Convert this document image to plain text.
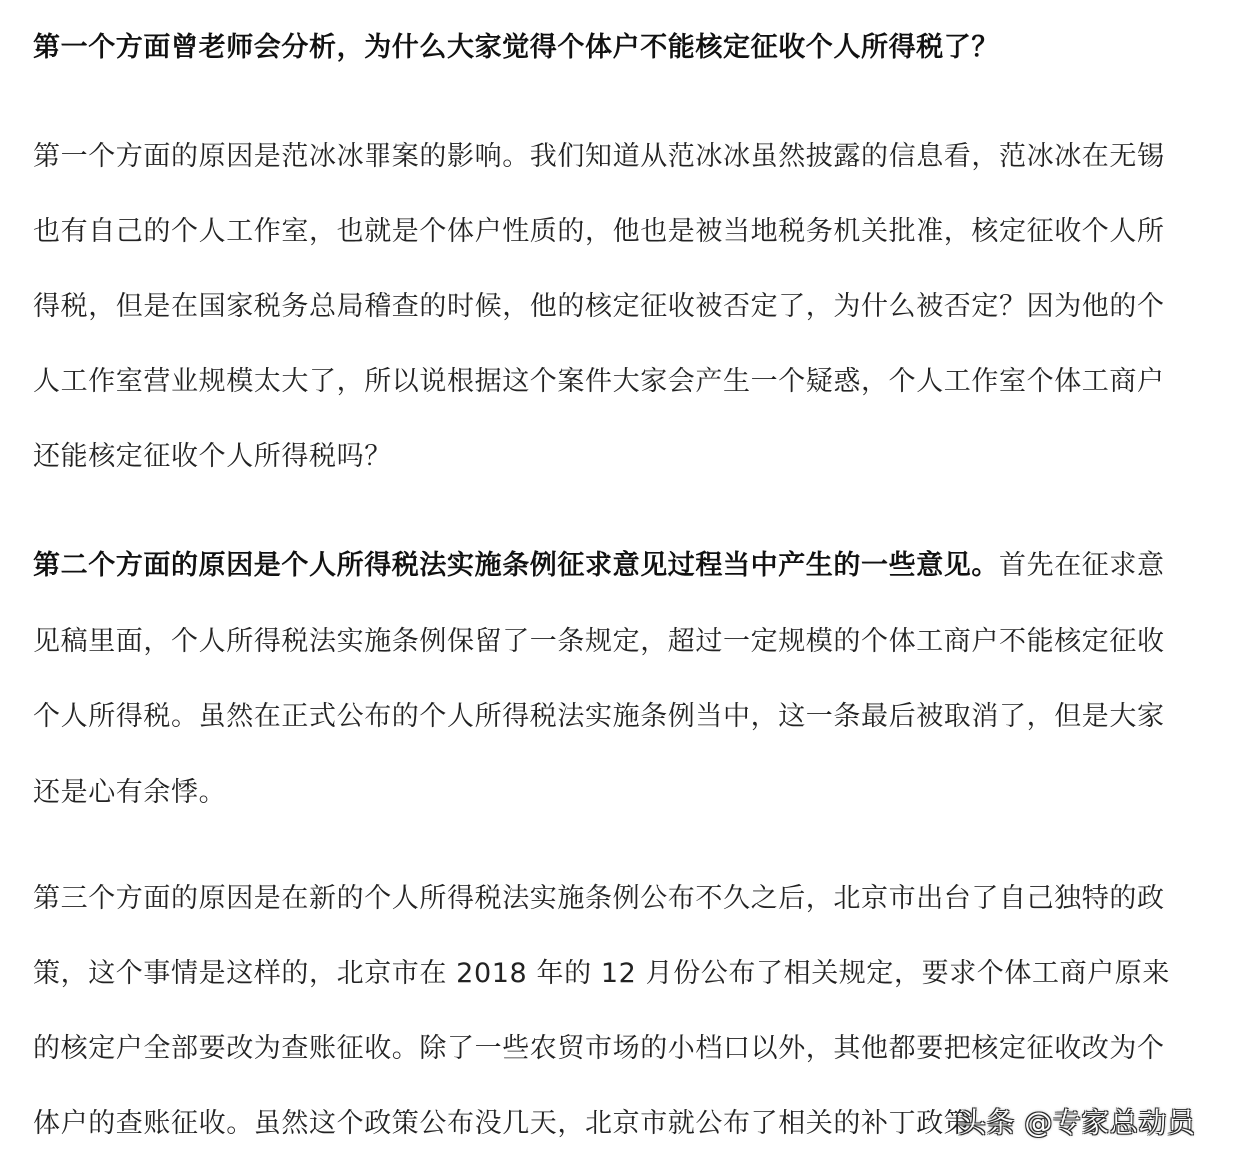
第一个方面曾老师会分析，为什么大家觉得个体户不能核定征收个人所得税了？
第一个方面的原因是范冰冰罪案的影响。我们知道从范冰冰虽然披露的信息看，范冰冰在无锡
也有自己的个人工作室，也就是个体户性质的，他也是被当地税务机关批准，核定征收个人所
得税，但是在国家税务总局稽查的时候，他的核定征收被否定了，为什么被否定？因为他的个
人工作室营业规模太大了，所以说根据这个案件大家会产生一个疑惑，个人工作室个体工商户
还能核定征收个人所得税吗？
第二个方面的原因是个人所得税法实施条例征求意见过程当中产生的一些意见。首先在征求意
见稿里面，个人所得税法实施条例保留了一条规定，超过一定规模的个体工商户不能核定征收
个人所得税。虽然在正式公布的个人所得税法实施条例当中，这一条最后被取消了，但是大家
还是心有余悸。
第三个方面的原因是在新的个人所得税法实施条例公布不久之后，北京市出台了自己独特的政
策，这个事情是这样的，北京市在 2018 年的 12 月份公布了相关规定，要求个体工商户原来
的核定户全部要改为查账征收。除了一些农贸市场的小档口以外，其他都要把核定征收改为个
体户的查账征收。虽然这个政策公布没几天，北京市就公布了相关的补丁政策
头条 @专家总动员
